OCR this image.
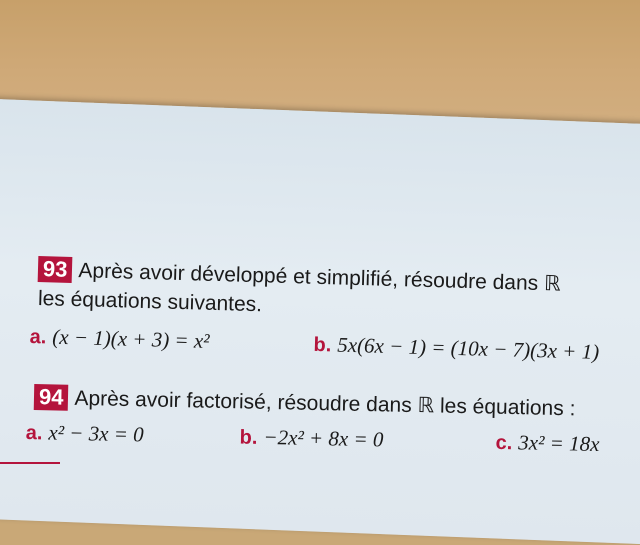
93 Après avoir développé et simplifié, résoudre dans ℝ
les équations suivantes.
a. (x − 1)(x + 3) = x²	b. 5x(6x − 1) = (10x − 7)(3x + 1)
94 Après avoir factorisé, résoudre dans ℝ les équations :
a. x² − 3x = 0	b. −2x² + 8x = 0	c. 3x² = 18x
